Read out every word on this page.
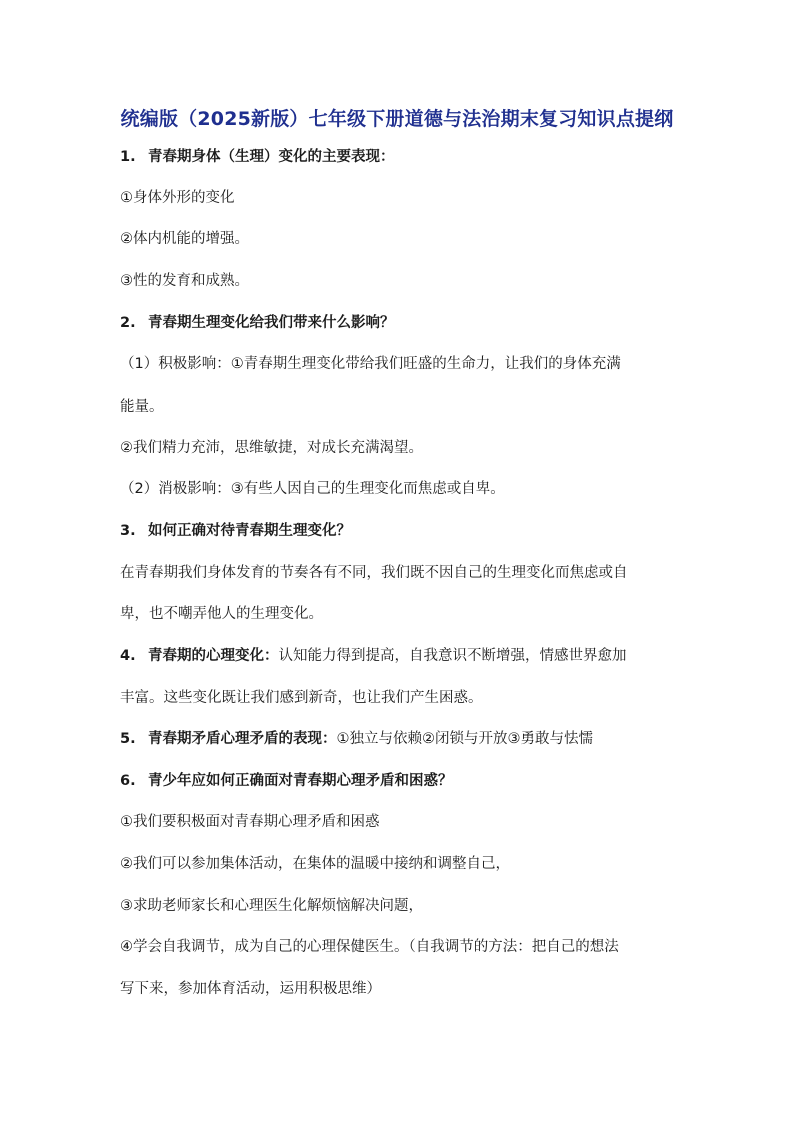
统编版（2025新版）七年级下册道德与法治期末复习知识点提纲
1. 青春期身体（生理）变化的主要表现：
①身体外形的变化
②体内机能的增强。
③性的发育和成熟。
2. 青春期生理变化给我们带来什么影响？
（1）积极影响：①青春期生理变化带给我们旺盛的生命力，让我们的身体充满
能量。
②我们精力充沛，思维敏捷，对成长充满渴望。
（2）消极影响：③有些人因自己的生理变化而焦虑或自卑。
3. 如何正确对待青春期生理变化？
在青春期我们身体发育的节奏各有不同，我们既不因自己的生理变化而焦虑或自
卑，也不嘲弄他人的生理变化。
4. 青春期的心理变化：认知能力得到提高，自我意识不断增强，情感世界愈加
丰富。这些变化既让我们感到新奇，也让我们产生困惑。
5. 青春期矛盾心理矛盾的表现：①独立与依赖②闭锁与开放③勇敢与怯懦
6. 青少年应如何正确面对青春期心理矛盾和困惑？
①我们要积极面对青春期心理矛盾和困惑
②我们可以参加集体活动，在集体的温暖中接纳和调整自己，
③求助老师家长和心理医生化解烦恼解决问题，
④学会自我调节，成为自己的心理保健医生。（自我调节的方法：把自己的想法
写下来，参加体育活动，运用积极思维）
